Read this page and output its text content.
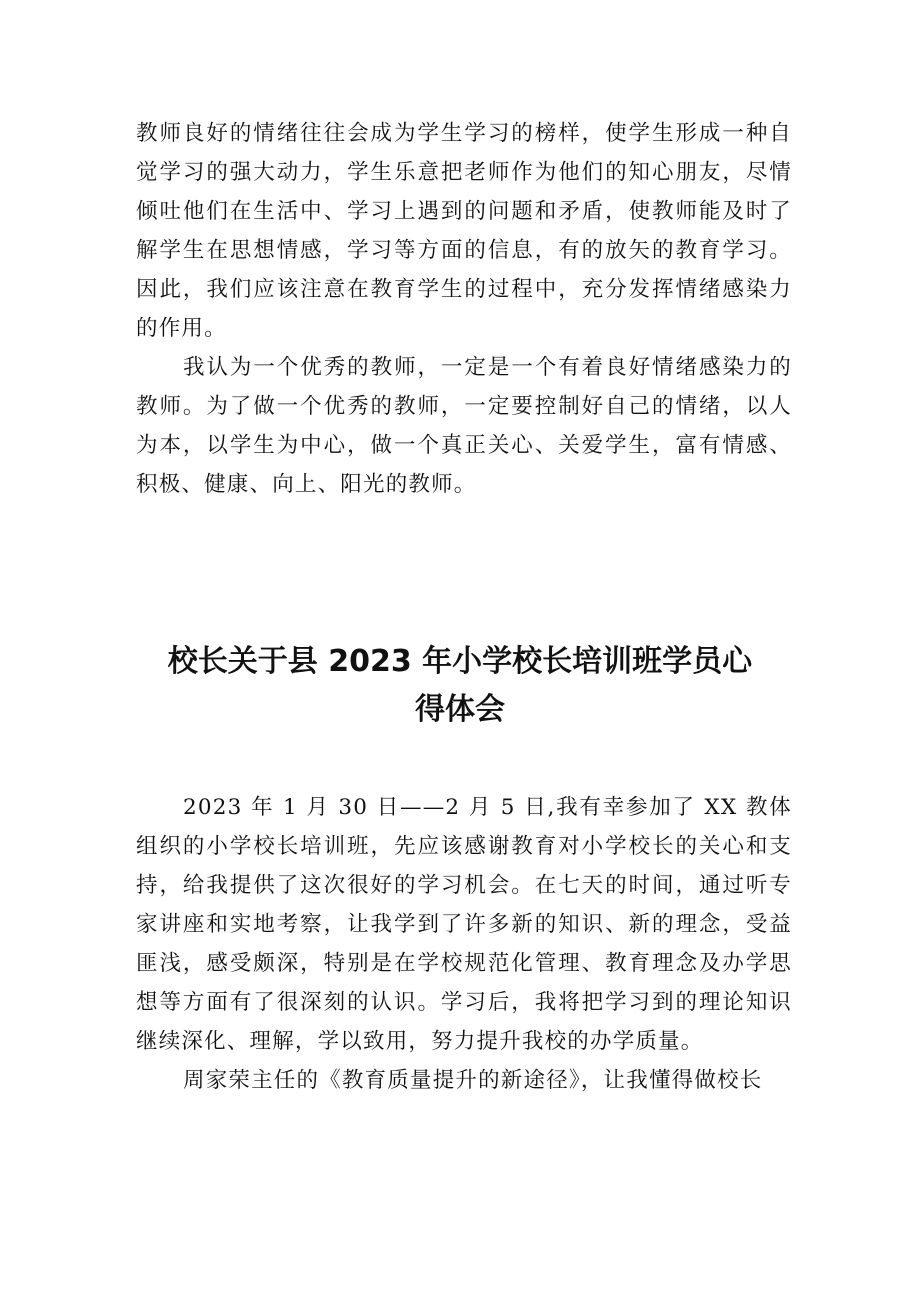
教师良好的情绪往往会成为学生学习的榜样，使学生形成一种自觉学习的强大动力，学生乐意把老师作为他们的知心朋友，尽情倾吐他们在生活中、学习上遇到的问题和矛盾，使教师能及时了解学生在思想情感，学习等方面的信息，有的放矢的教育学习。因此，我们应该注意在教育学生的过程中，充分发挥情绪感染力的作用。

我认为一个优秀的教师，一定是一个有着良好情绪感染力的教师。为了做一个优秀的教师，一定要控制好自己的情绪，以人为本，以学生为中心，做一个真正关心、关爱学生，富有情感、积极、健康、向上、阳光的教师。

校长关于县 2023 年小学校长培训班学员心
得体会

2023 年 1 月 30 日——2 月 5 日,我有幸参加了 XX 教体组织的小学校长培训班，先应该感谢教育对小学校长的关心和支持，给我提供了这次很好的学习机会。在七天的时间，通过听专家讲座和实地考察，让我学到了许多新的知识、新的理念，受益匪浅，感受颇深，特别是在学校规范化管理、教育理念及办学思想等方面有了很深刻的认识。学习后，我将把学习到的理论知识继续深化、理解，学以致用，努力提升我校的办学质量。

周家荣主任的《教育质量提升的新途径》，让我懂得做校长
